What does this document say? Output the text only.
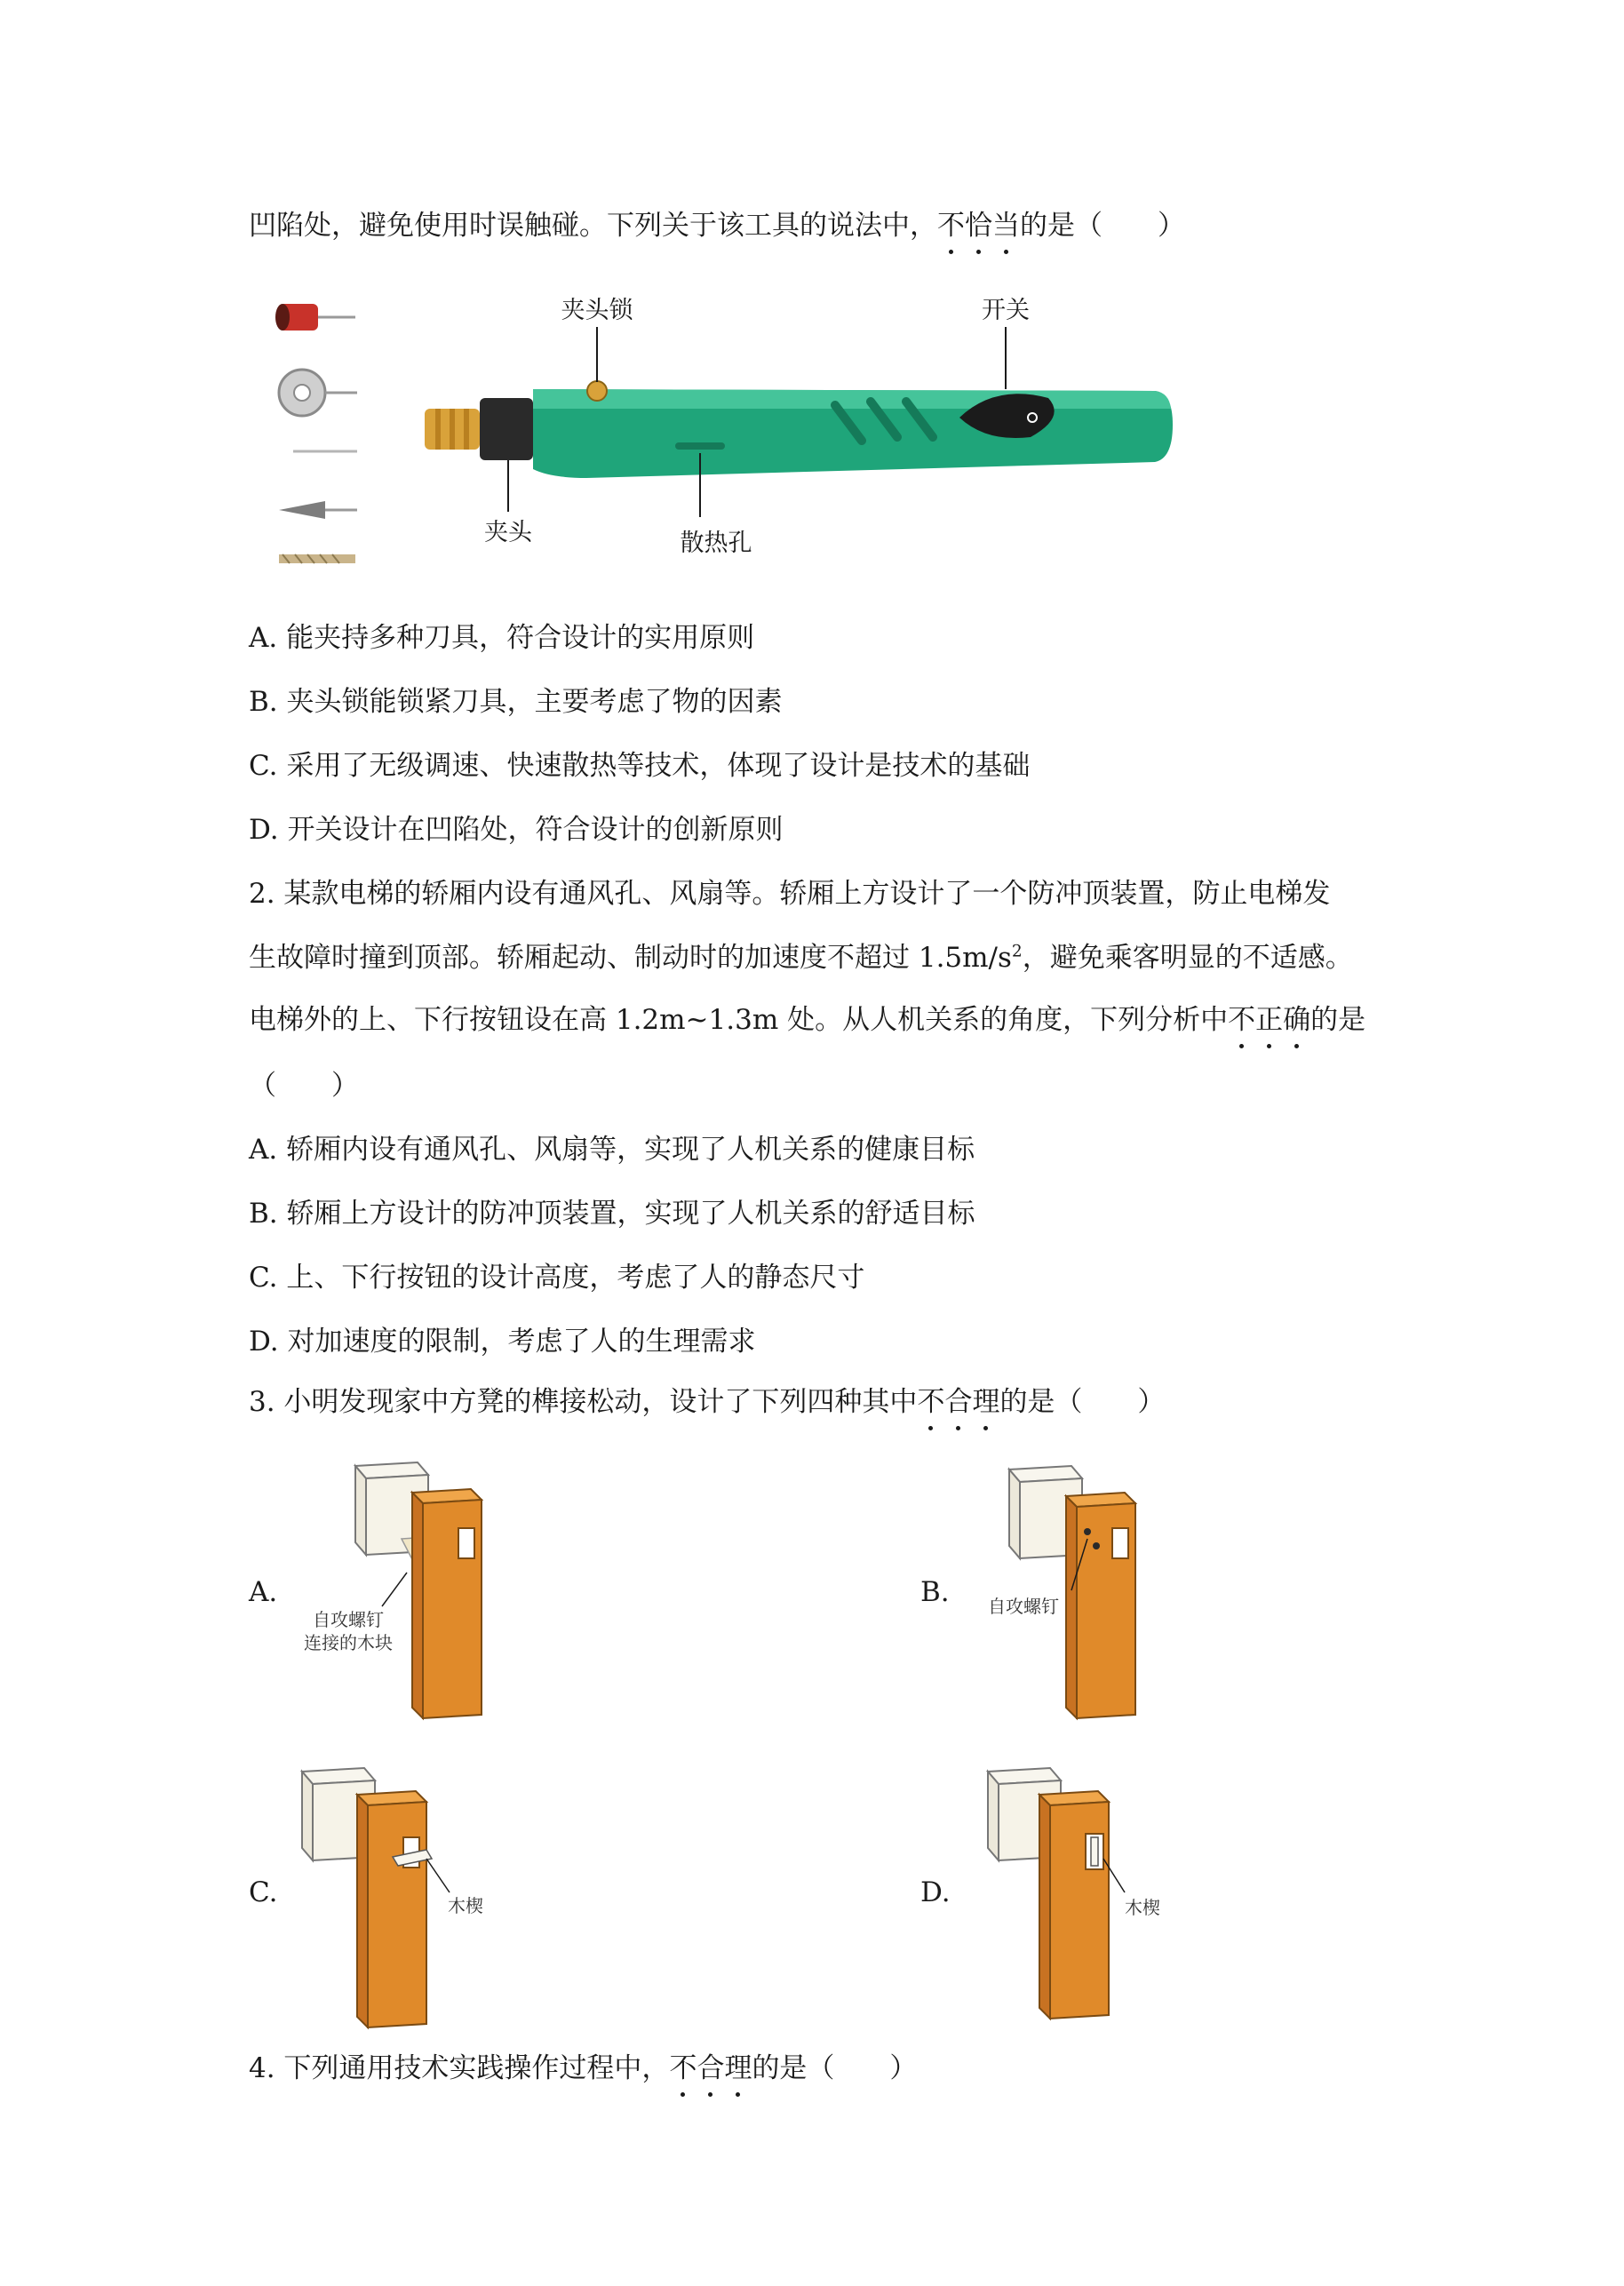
凹陷处，避免使用时误触碰。下列关于该工具的说法中，不恰当的是（　　）

夹头锁	开关
夹头	散热孔

A. 能夹持多种刀具，符合设计的实用原则

B. 夹头锁能锁紧刀具，主要考虑了物的因素

C. 采用了无级调速、快速散热等技术，体现了设计是技术的基础

D. 开关设计在凹陷处，符合设计的创新原则

2. 某款电梯的轿厢内设有通风孔、风扇等。轿厢上方设计了一个防冲顶装置，防止电梯发

生故障时撞到顶部。轿厢起动、制动时的加速度不超过 $1.5m/s^2$，避免乘客明显的不适感。

电梯外的上、下行按钮设在高 1.2m~1.3m 处。从人机关系的角度，下列分析中不正确的是

（　　）

A. 轿厢内设有通风孔、风扇等，实现了人机关系的健康目标

B. 轿厢上方设计的防冲顶装置，实现了人机关系的舒适目标

C. 上、下行按钮的设计高度，考虑了人的静态尺寸

D. 对加速度的限制，考虑了人的生理需求

3. 小明发现家中方凳的榫接松动，设计了下列四种其中不合理的是（　　）

A.	B.

C.	D.

自攻螺钉
连接的木块
自攻螺钉
木楔	木楔

4. 下列通用技术实践操作过程中，不合理的是（　　）
